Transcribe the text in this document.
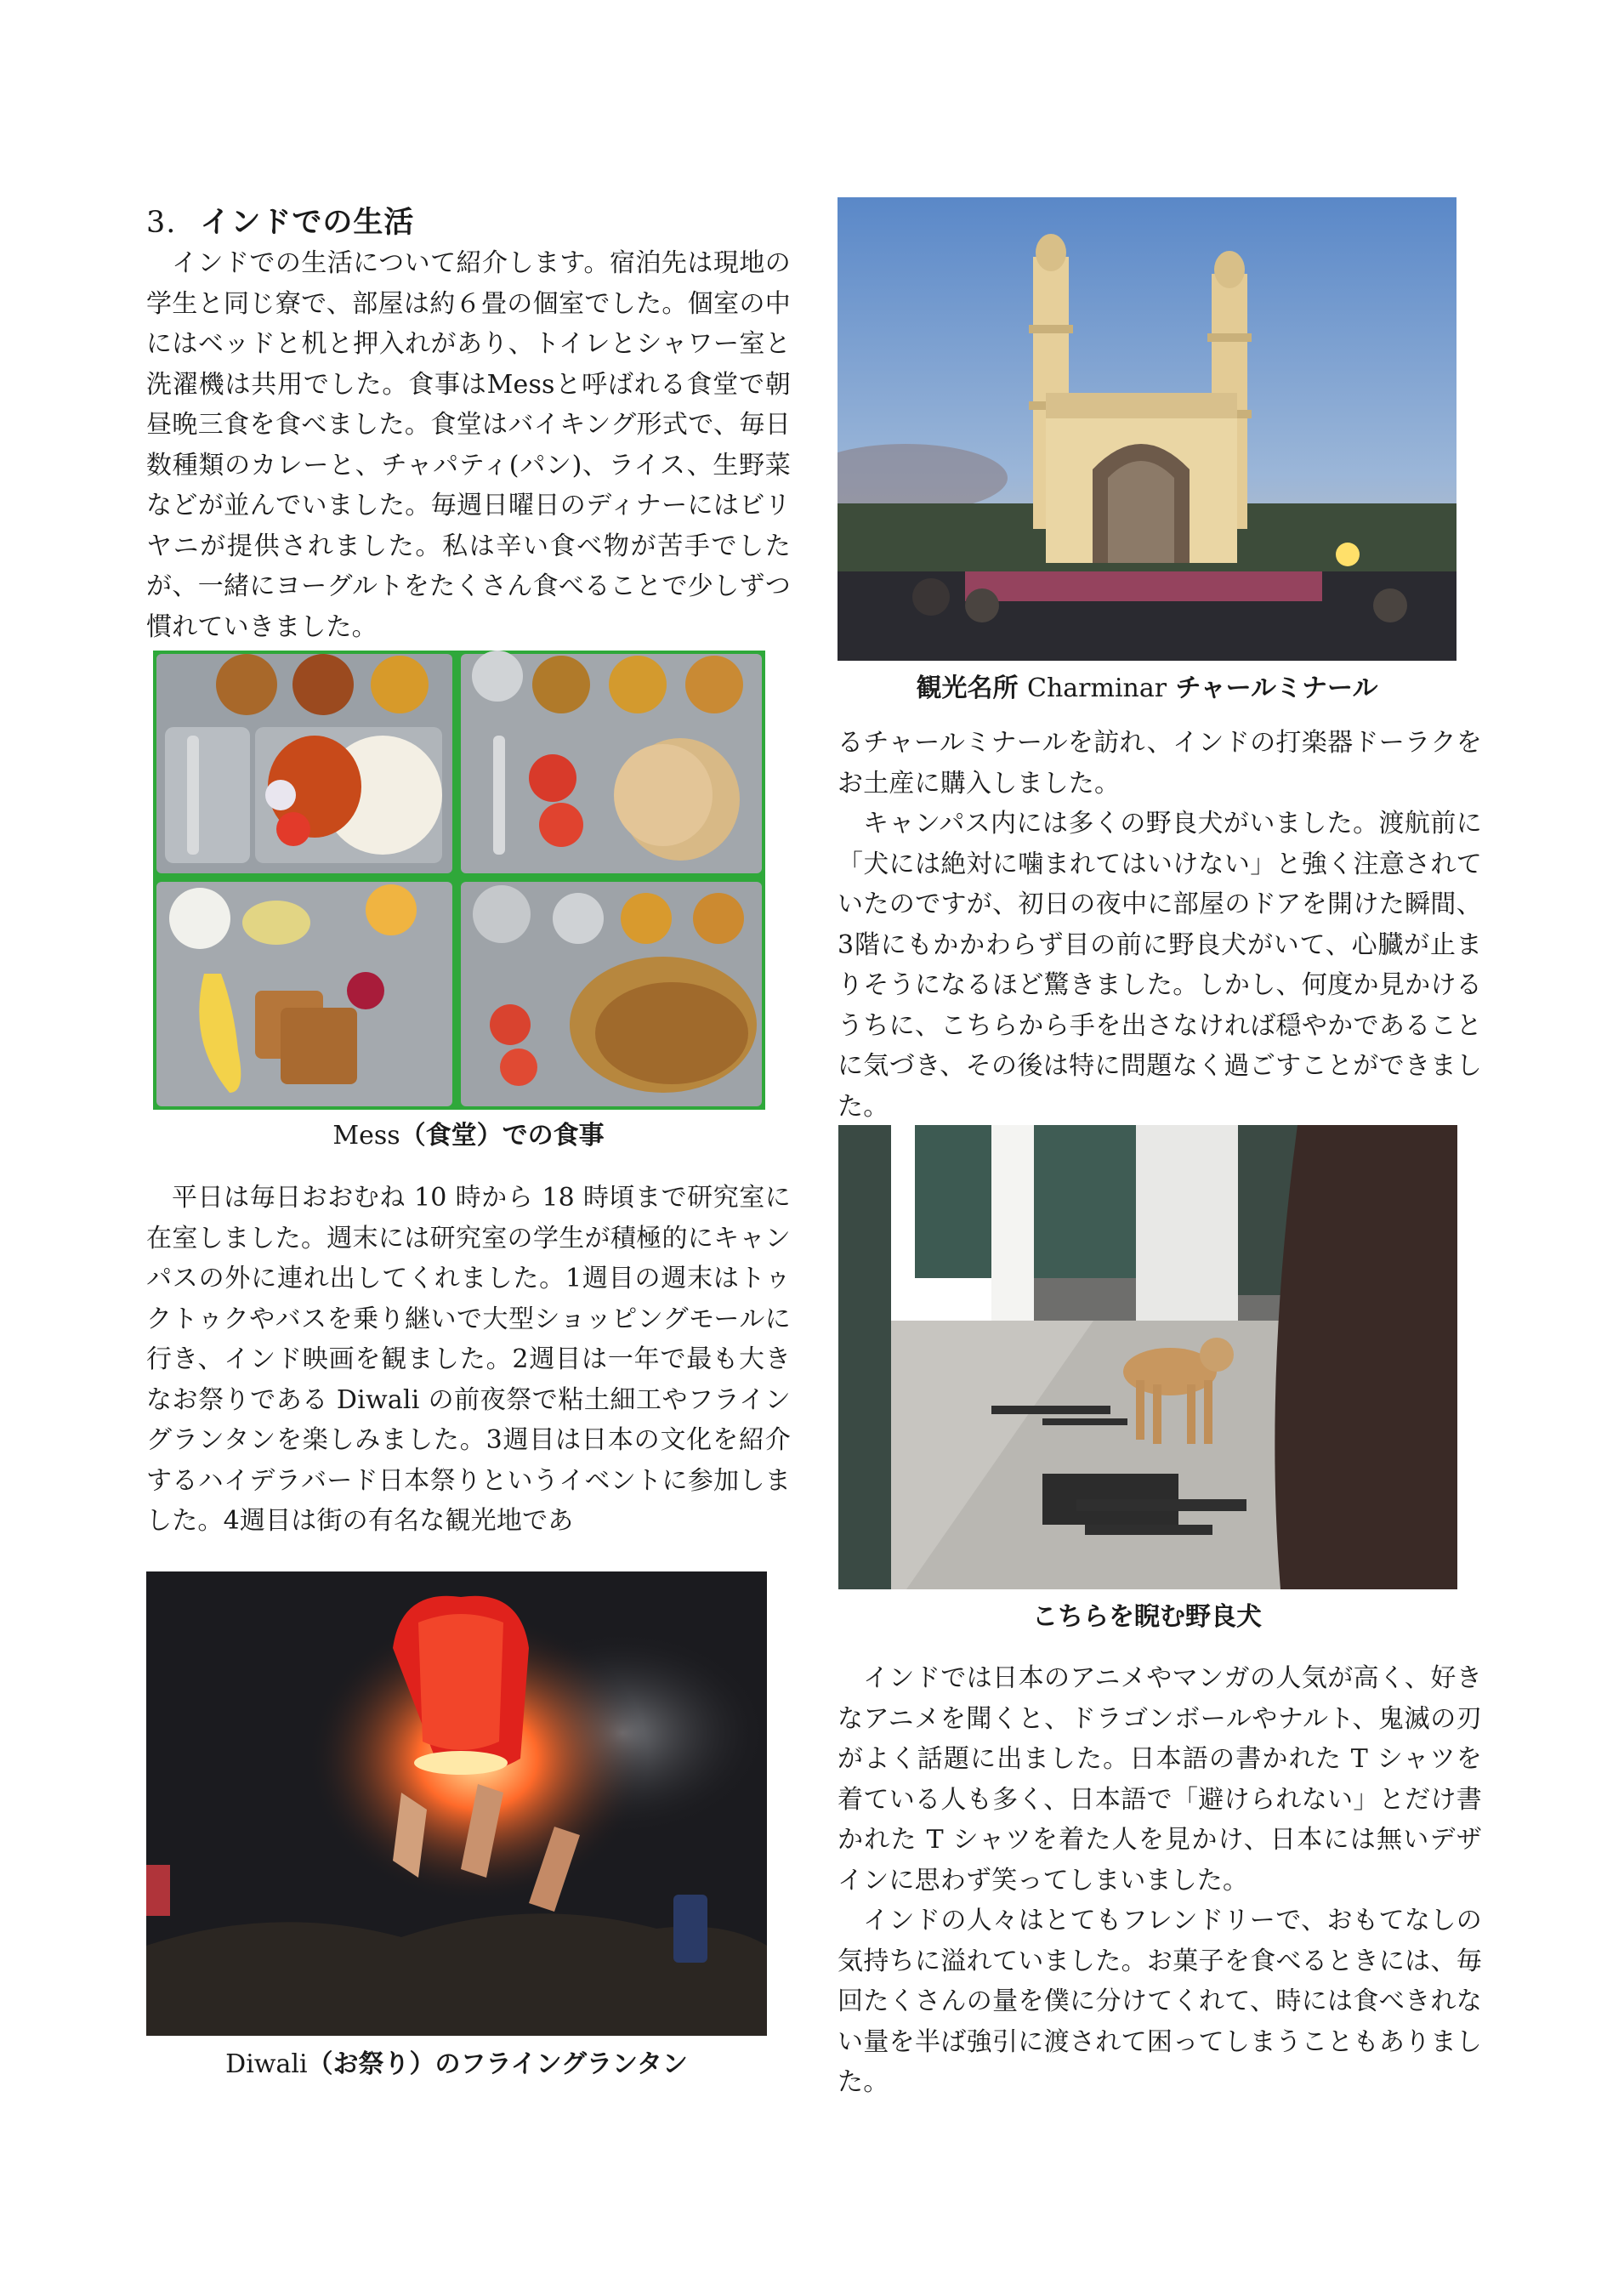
3. インドでの生活

インドでの生活について紹介します。宿泊先は現地の学生と同じ寮で、部屋は約６畳の個室でした。個室の中にはベッドと机と押入れがあり、トイレとシャワー室と洗濯機は共用でした。食事はMessと呼ばれる食堂で朝昼晩三食を食べました。食堂はバイキング形式で、毎日数種類のカレーと、チャパティ(パン)、ライス、生野菜などが並んでいました。毎週日曜日のディナーにはビリヤニが提供されました。私は辛い食べ物が苦手でしたが、一緒にヨーグルトをたくさん食べることで少しずつ慣れていきました。

Mess（食堂）での食事

平日は毎日おおむね 10 時から 18 時頃まで研究室に在室しました。週末には研究室の学生が積極的にキャンパスの外に連れ出してくれました。1週目の週末はトゥクトゥクやバスを乗り継いで大型ショッピングモールに行き、インド映画を観ました。2週目は一年で最も大きなお祭りである Diwali の前夜祭で粘土細工やフライングランタンを楽しみました。3週目は日本の文化を紹介するハイデラバード日本祭りというイベントに参加しました。4週目は街の有名な観光地であ

Diwali（お祭り）のフライングランタン
観光名所 Charminar チャールミナール

るチャールミナールを訪れ、インドの打楽器ドーラクをお土産に購入しました。

キャンパス内には多くの野良犬がいました。渡航前に「犬には絶対に噛まれてはいけない」と強く注意されていたのですが、初日の夜中に部屋のドアを開けた瞬間、3階にもかかわらず目の前に野良犬がいて、心臓が止まりそうになるほど驚きました。しかし、何度か見かけるうちに、こちらから手を出さなければ穏やかであることに気づき、その後は特に問題なく過ごすことができました。

こちらを睨む野良犬

インドでは日本のアニメやマンガの人気が高く、好きなアニメを聞くと、ドラゴンボールやナルト、鬼滅の刃がよく話題に出ました。日本語の書かれた T シャツを着ている人も多く、日本語で「避けられない」とだけ書かれた T シャツを着た人を見かけ、日本には無いデザインに思わず笑ってしまいました。

インドの人々はとてもフレンドリーで、おもてなしの気持ちに溢れていました。お菓子を食べるときには、毎回たくさんの量を僕に分けてくれて、時には食べきれない量を半ば強引に渡されて困ってしまうこともありました。
